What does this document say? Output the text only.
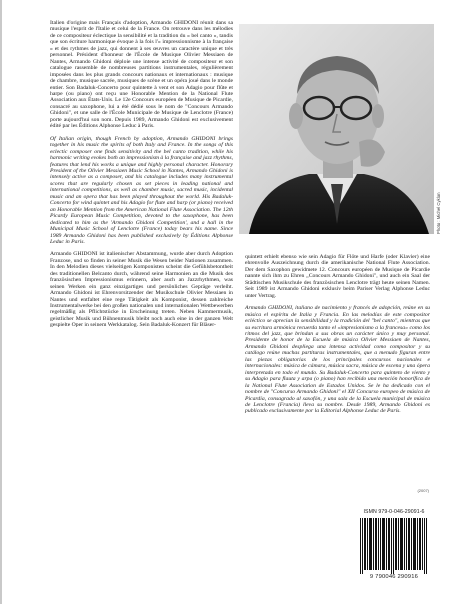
Italien d'origine mais Français d'adoption, Armando GHIDONI réunit dans sa musique l'esprit de l'Italie et celui de la France. On retrouve dans les mélodies de ce compositeur éclectique la sensibilité et la tradition du « bel canto », tandis que son écriture harmonique évoque à la fois l'« impressionnisme à la française » et des rythmes de jazz, qui donnent à ses œuvres un caractère unique et très personnel. Président d'honneur de l'École de Musique Olivier Messiaen de Nantes, Armando Ghidoni déploie une intense activité de compositeur et son catalogue rassemble de nombreuses partitions instrumentales, régulièrement imposées dans les plus grands concours nationaux et internationaux : musique de chambre, musique sacrée, musiques de scène et un opéra joué dans le monde entier. Son Badaluk-Concerto pour quintette à vent et son Adagio pour flûte et harpe (ou piano) ont reçu une Honorable Mention de la National Flute Association aux États-Unis. Le 12e Concours européen de Musique de Picardie, consacré au saxophone, lui a été dédié sous le nom de "Concours Armando Ghidoni", et une salle de l'École Municipale de Musique de Lenclotre (France) porte aujourd'hui son nom. Depuis 1989, Armando Ghidoni est exclusivement édité par les Éditions Alphonse Leduc à Paris.

Of Italian origin, though French by adoption, Armando GHIDONI brings together in his music the spirits of both Italy and France. In the songs of this eclectic composer one finds sensitivity and the bel canto tradition, while his harmonic writing evokes both an impressionism à la française and jazz rhythms, features that lend his works a unique and highly personal character. Honorary President of the Olivier Messiaen Music School in Nantes, Armando Ghidoni is intensely active as a composer, and his catalogue includes many instrumental scores that are regularly chosen as set pieces in leading national and international competitions, as well as chamber music, sacred music, incidental music and an opera that has been played throughout the world. His Badaluk-Concerto for wind quintet and his Adagio for flute and harp (or piano) received an Honorable Mention from the American National Flute Association. The 12th Picardy European Music Competition, devoted to the saxophone, has been dedicated to him as the 'Armando Ghidoni Competition', and a hall in the Municipal Music School of Lenclotre (France) today bears his name. Since 1989 Armando Ghidoni has been published exclusively by Éditions Alphonse Leduc in Paris.

Armando GHIDONI ist italienischer Abstammung, wurde aber durch Adoption Franzose, und so finden in seiner Musik die Wesen beider Nationen zusammen. In den Melodien dieses vielseitigen Komponisten scheint die Gefühlsbetontheit des traditionellen Belcanto durch, während seine Harmonien an die Musik des französischen Impressionismus erinnern, aber auch an Jazzrhythmen, was seinen Werken ein ganz einzigartiges und persönliches Gepräge verleiht. Armando Ghidoni ist Ehrenvorsitzender der Musikschule Olivier Messiaen in Nantes und entfaltet eine rege Tätigkeit als Komponist, dessen zahlreiche Instrumentalwerke bei den großen nationalen und internationalen Wettbewerben regelmäßig als Pflichtstücke in Erscheinung treten. Neben Kammermusik, geistlicher Musik und Bühnenmusik bleibt noch auch eine in der ganzen Welt gespielte Oper in seinem Werkkatalog. Sein Badaluk-Konzert für Bläser-

Photo : Michel Cyklan

quintett erhielt ebenso wie sein Adagio für Flöte und Harfe (oder Klavier) eine ehrenvolle Auszeichnung durch die amerikanische National Flute Association. Der dem Saxophon gewidmete 12. Concours européen de Musique de Picardie nannte sich ihm zu Ehren „Concours Armando Ghidoni", und auch ein Saal der Städtischen Musikschule des französischen Lenclotre trägt heute seinen Namen. Seit 1989 ist Armando Ghidoni exklusiv beim Pariser Verlag Alphonse Leduc unter Vertrag.

Armando GHIDONI, italiano de nacimiento y francés de adopción, reúne en su música el espíritu de Italia y Francia. En las melodías de este compositor ecléctico se aprecian la sensibilidad y la tradición del "bel canto", mientras que su escritura armónica recuerda tanto el «impresionismo a la francesa» como los ritmos del jazz, que brindan a sus obras un carácter único y muy personal. Presidente de honor de la Escuela de música Olivier Messiaen de Nantes, Armando Ghidoni despliega una intensa actividad como compositor y su catálogo reúne muchas partituras instrumentales, que a menudo figuran entre las piezas obligatorias de los principales concursos nacionales e internacionales: música de cámara, música sacra, música de escena y una ópera interpretada en todo el mundo. Su Badaluk-Concerto para quinteto de viento y su Adagio para flauta y arpa (o piano) han recibido una mención honorífica de la National Flute Association de Estados Unidos. Se le ha dedicado con el nombre de "Concurso Armando Ghidoni" el XII Concurso europeo de música de Picardía, consagrado al saxofón, y una sala de la Escuela municipal de música de Lenclotre (Francia) lleva su nombre. Desde 1989, Armando Ghidoni es publicado exclusivamente por la Editorial Alphonse Leduc de París.

(2007)
ISMN 979-0-046-29091-6
9 790046 290916
